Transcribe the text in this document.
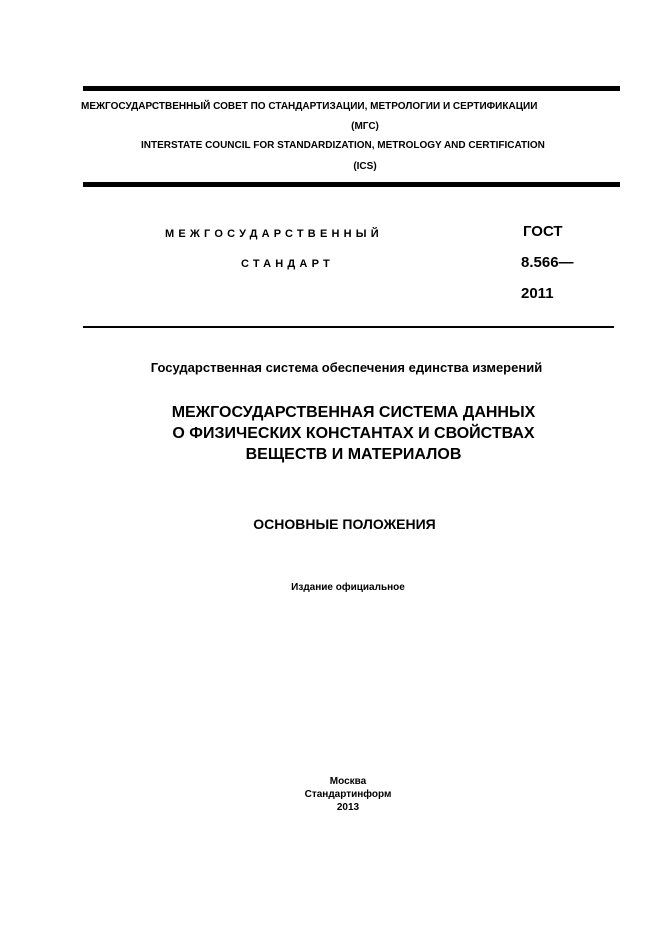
МЕЖГОСУДАРСТВЕННЫЙ СОВЕТ ПО СТАНДАРТИЗАЦИИ, МЕТРОЛОГИИ И СЕРТИФИКАЦИИ
(МГС)
INTERSTATE COUNCIL FOR STANDARDIZATION, METROLOGY AND CERTIFICATION
(ICS)
МЕЖГОСУДАРСТВЕННЫЙ
СТАНДАРТ
ГОСТ
8.566—
2011
Государственная система обеспечения единства измерений
МЕЖГОСУДАРСТВЕННАЯ СИСТЕМА ДАННЫХ
О ФИЗИЧЕСКИХ КОНСТАНТАХ И СВОЙСТВАХ
ВЕЩЕСТВ И МАТЕРИАЛОВ
ОСНОВНЫЕ ПОЛОЖЕНИЯ
Издание официальное
Москва
Стандартинформ
2013
